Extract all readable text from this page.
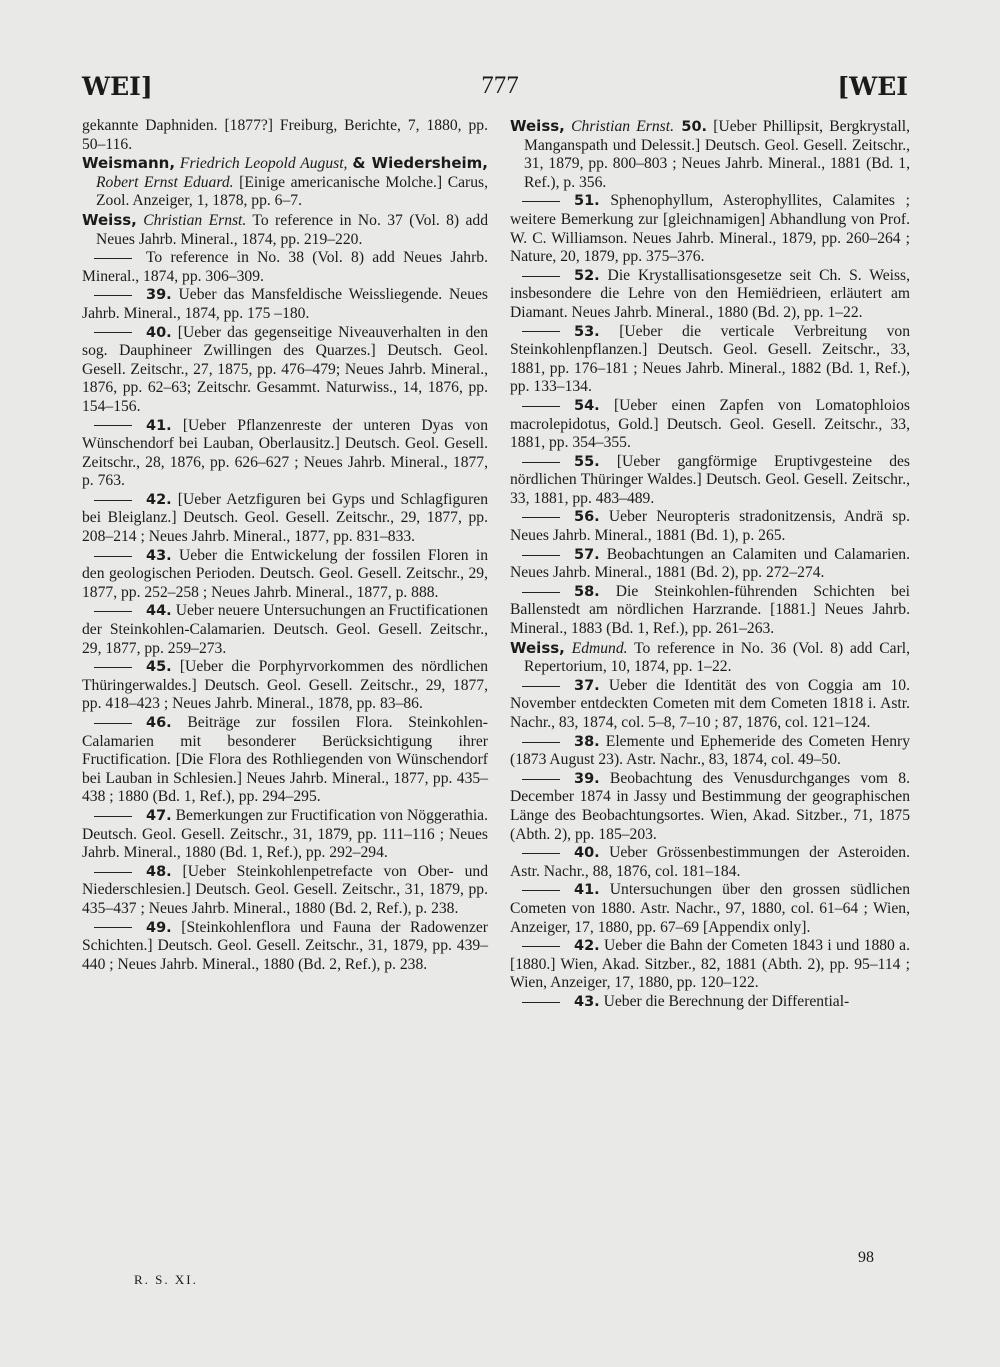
WEI]	777	[WEI

gekannte Daphniden. [1877?] Freiburg, Berichte, 7, 1880, pp. 50–116.

Weismann, Friedrich Leopold August, & Wiedersheim, Robert Ernst Eduard. [Einige americanische Molche.] Carus, Zool. Anzeiger, 1, 1878, pp. 6–7.

Weiss, Christian Ernst. To reference in No. 37 (Vol. 8) add Neues Jahrb. Mineral., 1874, pp. 219–220.

To reference in No. 38 (Vol. 8) add Neues Jahrb. Mineral., 1874, pp. 306–309.

39. Ueber das Mansfeldische Weissliegende. Neues Jahrb. Mineral., 1874, pp. 175 –180.

40. [Ueber das gegenseitige Niveauverhalten in den sog. Dauphineer Zwillingen des Quarzes.] Deutsch. Geol. Gesell. Zeitschr., 27, 1875, pp. 476–479; Neues Jahrb. Mineral., 1876, pp. 62–63; Zeitschr. Gesammt. Naturwiss., 14, 1876, pp. 154–156.

41. [Ueber Pflanzenreste der unteren Dyas von Wünschendorf bei Lauban, Oberlausitz.] Deutsch. Geol. Gesell. Zeitschr., 28, 1876, pp. 626–627 ; Neues Jahrb. Mineral., 1877, p. 763.

42. [Ueber Aetzfiguren bei Gyps und Schlagfiguren bei Bleiglanz.] Deutsch. Geol. Gesell. Zeitschr., 29, 1877, pp. 208–214 ; Neues Jahrb. Mineral., 1877, pp. 831–833.

43. Ueber die Entwickelung der fossilen Floren in den geologischen Perioden. Deutsch. Geol. Gesell. Zeitschr., 29, 1877, pp. 252–258 ; Neues Jahrb. Mineral., 1877, p. 888.

44. Ueber neuere Untersuchungen an Fructificationen der Steinkohlen-Calamarien. Deutsch. Geol. Gesell. Zeitschr., 29, 1877, pp. 259–273.

45. [Ueber die Porphyrvorkommen des nördlichen Thüringerwaldes.] Deutsch. Geol. Gesell. Zeitschr., 29, 1877, pp. 418–423 ; Neues Jahrb. Mineral., 1878, pp. 83–86.

46. Beiträge zur fossilen Flora. Steinkohlen-Calamarien mit besonderer Berücksichtigung ihrer Fructification. [Die Flora des Rothliegenden von Wünschendorf bei Lauban in Schlesien.] Neues Jahrb. Mineral., 1877, pp. 435–438 ; 1880 (Bd. 1, Ref.), pp. 294–295.

47. Bemerkungen zur Fructification von Nöggerathia. Deutsch. Geol. Gesell. Zeitschr., 31, 1879, pp. 111–116 ; Neues Jahrb. Mineral., 1880 (Bd. 1, Ref.), pp. 292–294.

48. [Ueber Steinkohlenpetrefacte von Ober- und Niederschlesien.] Deutsch. Geol. Gesell. Zeitschr., 31, 1879, pp. 435–437 ; Neues Jahrb. Mineral., 1880 (Bd. 2, Ref.), p. 238.

49. [Steinkohlenflora und Fauna der Radowenzer Schichten.] Deutsch. Geol. Gesell. Zeitschr., 31, 1879, pp. 439–440 ; Neues Jahrb. Mineral., 1880 (Bd. 2, Ref.), p. 238.

Weiss, Christian Ernst. 50. [Ueber Phillipsit, Bergkrystall, Manganspath und Delessit.] Deutsch. Geol. Gesell. Zeitschr., 31, 1879, pp. 800–803 ; Neues Jahrb. Mineral., 1881 (Bd. 1, Ref.), p. 356.

51. Sphenophyllum, Asterophyllites, Calamites ; weitere Bemerkung zur [gleichnamigen] Abhandlung von Prof. W. C. Williamson. Neues Jahrb. Mineral., 1879, pp. 260–264 ; Nature, 20, 1879, pp. 375–376.

52. Die Krystallisationsgesetze seit Ch. S. Weiss, insbesondere die Lehre von den Hemiëdrieen, erläutert am Diamant. Neues Jahrb. Mineral., 1880 (Bd. 2), pp. 1–22.

53. [Ueber die verticale Verbreitung von Steinkohlenpflanzen.] Deutsch. Geol. Gesell. Zeitschr., 33, 1881, pp. 176–181 ; Neues Jahrb. Mineral., 1882 (Bd. 1, Ref.), pp. 133–134.

54. [Ueber einen Zapfen von Lomatophloios macrolepidotus, Gold.] Deutsch. Geol. Gesell. Zeitschr., 33, 1881, pp. 354–355.

55. [Ueber gangförmige Eruptivgesteine des nördlichen Thüringer Waldes.] Deutsch. Geol. Gesell. Zeitschr., 33, 1881, pp. 483–489.

56. Ueber Neuropteris stradonitzensis, Andrä sp. Neues Jahrb. Mineral., 1881 (Bd. 1), p. 265.

57. Beobachtungen an Calamiten und Calamarien. Neues Jahrb. Mineral., 1881 (Bd. 2), pp. 272–274.

58. Die Steinkohlen-führenden Schichten bei Ballenstedt am nördlichen Harzrande. [1881.] Neues Jahrb. Mineral., 1883 (Bd. 1, Ref.), pp. 261–263.

Weiss, Edmund. To reference in No. 36 (Vol. 8) add Carl, Repertorium, 10, 1874, pp. 1–22.

37. Ueber die Identität des von Coggia am 10. November entdeckten Cometen mit dem Cometen 1818 i. Astr. Nachr., 83, 1874, col. 5–8, 7–10 ; 87, 1876, col. 121–124.

38. Elemente und Ephemeride des Cometen Henry (1873 August 23). Astr. Nachr., 83, 1874, col. 49–50.

39. Beobachtung des Venusdurchganges vom 8. December 1874 in Jassy und Bestimmung der geographischen Länge des Beobachtungsortes. Wien, Akad. Sitzber., 71, 1875 (Abth. 2), pp. 185–203.

40. Ueber Grössenbestimmungen der Asteroiden. Astr. Nachr., 88, 1876, col. 181–184.

41. Untersuchungen über den grossen südlichen Cometen von 1880. Astr. Nachr., 97, 1880, col. 61–64 ; Wien, Anzeiger, 17, 1880, pp. 67–69 [Appendix only].

42. Ueber die Bahn der Cometen 1843 i und 1880 a. [1880.] Wien, Akad. Sitzber., 82, 1881 (Abth. 2), pp. 95–114 ; Wien, Anzeiger, 17, 1880, pp. 120–122.

43. Ueber die Berechnung der Differential-

R. S. XI.
98
